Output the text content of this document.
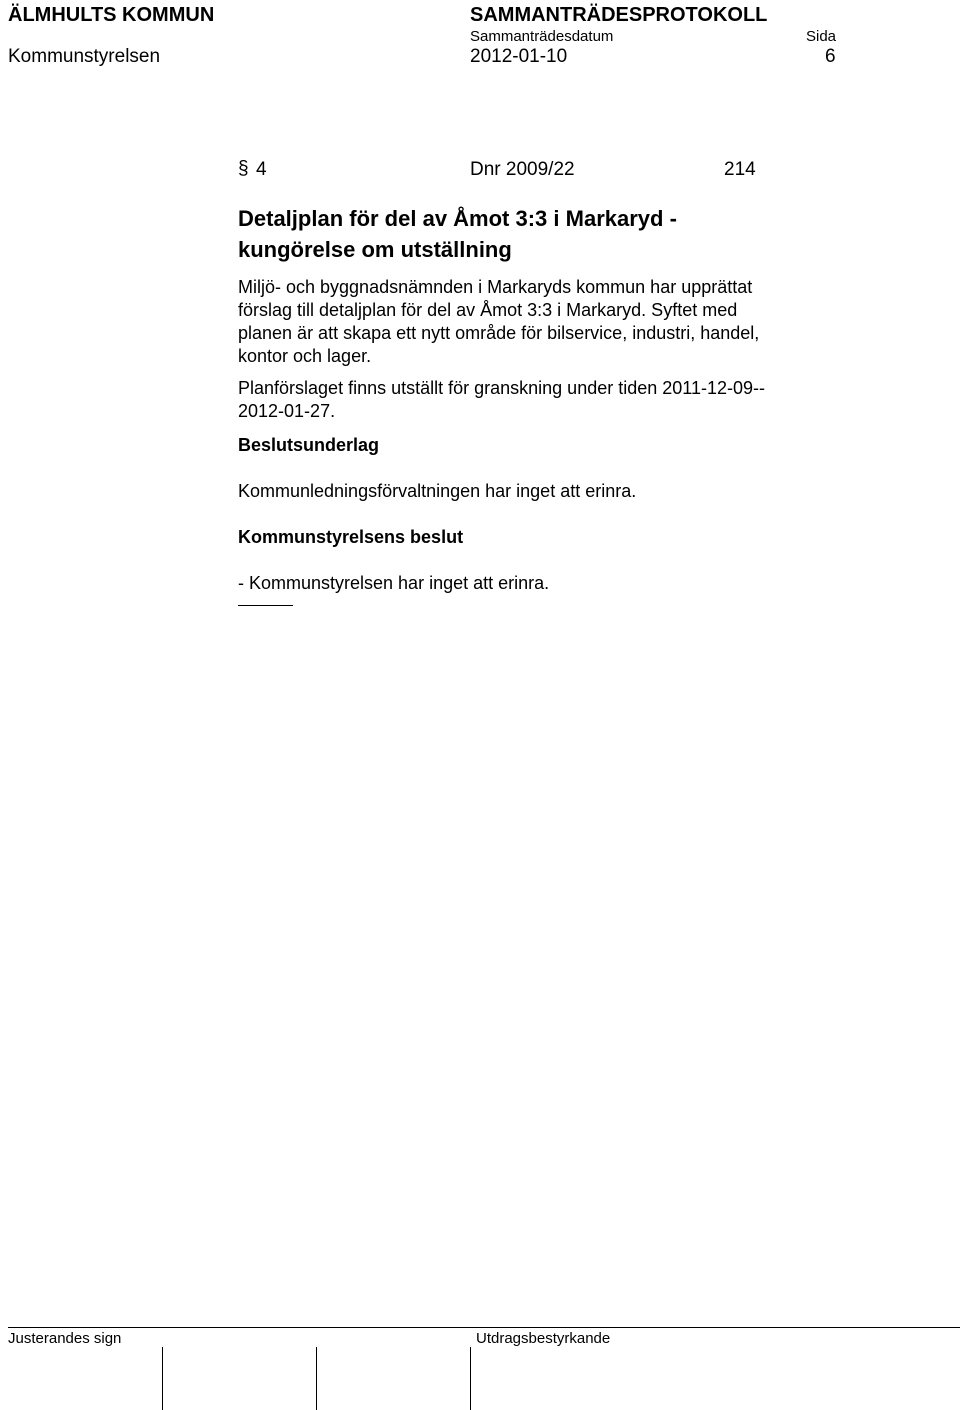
ÄLMHULTS KOMMUN	SAMMANTRÄDESPROTOKOLL
Sammanträdesdatum	Sida
Kommunstyrelsen	2012-01-10	6
§ 4	Dnr 2009/22	214
Detaljplan för del av Åmot 3:3 i Markaryd -
kungörelse om utställning

Miljö- och byggnadsnämnden i Markaryds kommun har upprättat
förslag till detaljplan för del av Åmot 3:3 i Markaryd. Syftet med
planen är att skapa ett nytt område för bilservice, industri, handel,
kontor och lager.

Planförslaget finns utställt för granskning under tiden 2011-12-09--
2012-01-27.

Beslutsunderlag

Kommunledningsförvaltningen har inget att erinra.

Kommunstyrelsens beslut

- Kommunstyrelsen har inget att erinra.

Justerandes sign	Utdragsbestyrkande
